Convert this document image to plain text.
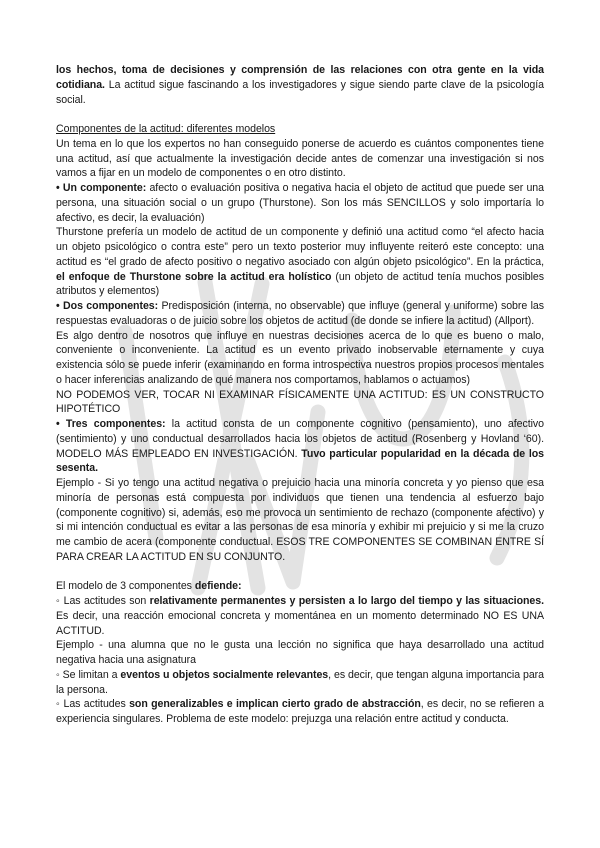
los hechos, toma de decisiones y comprensión de las relaciones con otra gente en la vida cotidiana. La actitud sigue fascinando a los investigadores y sigue siendo parte clave de la psicología social.

Componentes de la actitud: diferentes modelos

Un tema en lo que los expertos no han conseguido ponerse de acuerdo es cuántos componentes tiene una actitud, así que actualmente la investigación decide antes de comenzar una investigación si nos vamos a fijar en un modelo de componentes o en otro distinto.

• Un componente: afecto o evaluación positiva o negativa hacia el objeto de actitud que puede ser una persona, una situación social o un grupo (Thurstone). Son los más SENCILLOS y solo importaría lo afectivo, es decir, la evaluación)

Thurstone prefería un modelo de actitud de un componente y definió una actitud como “el afecto hacia un objeto psicológico o contra este” pero un texto posterior muy influyente reiteró este concepto: una actitud es “el grado de afecto positivo o negativo asociado con algún objeto psicológico”. En la práctica, el enfoque de Thurstone sobre la actitud era holístico (un objeto de actitud tenía muchos posibles atributos y elementos)

• Dos componentes: Predisposición (interna, no observable) que influye (general y uniforme) sobre las respuestas evaluadoras o de juicio sobre los objetos de actitud (de donde se infiere la actitud) (Allport).

Es algo dentro de nosotros que influye en nuestras decisiones acerca de lo que es bueno o malo, conveniente o inconveniente. La actitud es un evento privado inobservable eternamente y cuya existencia sólo se puede inferir (examinando en forma introspectiva nuestros propios procesos mentales o hacer inferencias analizando de qué manera nos comportamos, hablamos o actuamos)

NO PODEMOS VER, TOCAR NI EXAMINAR FÍSICAMENTE UNA ACTITUD: ES UN CONSTRUCTO HIPOTÉTICO

• Tres componentes: la actitud consta de un componente cognitivo (pensamiento), uno afectivo (sentimiento) y uno conductual desarrollados hacia los objetos de actitud (Rosenberg y Hovland ‘60). MODELO MÁS EMPLEADO EN INVESTIGACIÓN. Tuvo particular popularidad en la década de los sesenta.

Ejemplo - Si yo tengo una actitud negativa o prejuicio hacia una minoría concreta y yo pienso que esa minoría de personas está compuesta por individuos que tienen una tendencia al esfuerzo bajo (componente cognitivo) si, además, eso me provoca un sentimiento de rechazo (componente afectivo) y si mi intención conductual es evitar a las personas de esa minoría y exhibir mi prejuicio y si me la cruzo me cambio de acera (componente conductual. ESOS TRE COMPONENTES SE COMBINAN ENTRE SÍ PARA CREAR LA ACTITUD EN SU CONJUNTO.

El modelo de 3 componentes defiende:

◦ Las actitudes son relativamente permanentes y persisten a lo largo del tiempo y las situaciones. Es decir, una reacción emocional concreta y momentánea en un momento determinado NO ES UNA ACTITUD.

Ejemplo - una alumna que no le gusta una lección no significa que haya desarrollado una actitud negativa hacia una asignatura

◦ Se limitan a eventos u objetos socialmente relevantes, es decir, que tengan alguna importancia para la persona.

◦ Las actitudes son generalizables e implican cierto grado de abstracción, es decir, no se refieren a experiencia singulares. Problema de este modelo: prejuzga una relación entre actitud y conducta.
